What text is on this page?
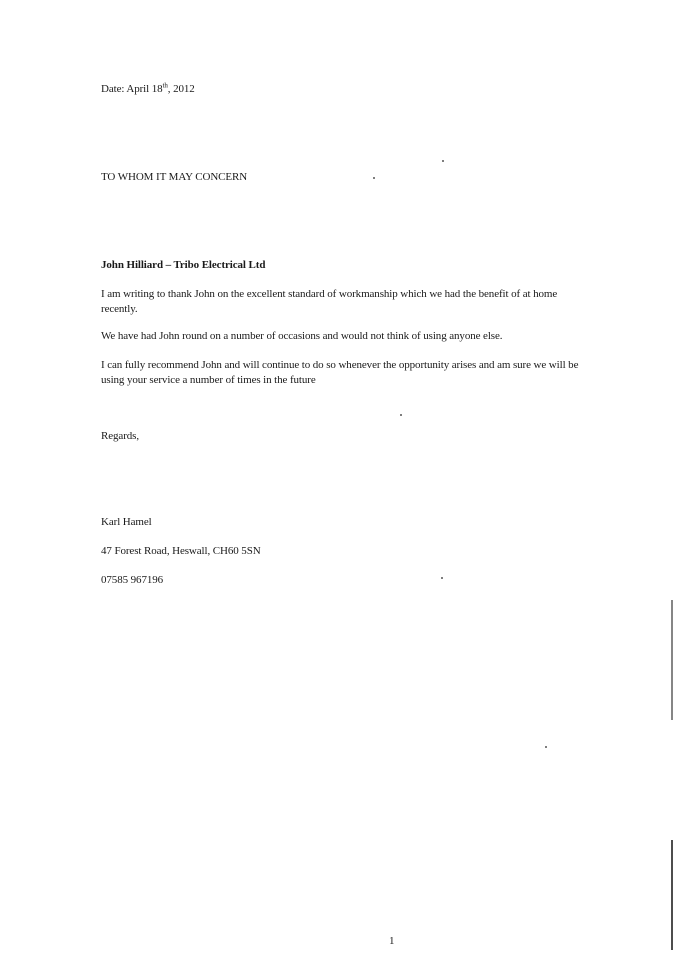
Date: April 18th, 2012
TO WHOM IT MAY CONCERN
John Hilliard – Tribo Electrical Ltd
I am writing to thank John on the excellent standard of workmanship which we had the benefit of at home recently.
We have had John round on a number of occasions and would not think of using anyone else.
I can fully recommend John and will continue to do so whenever the opportunity arises and am sure we will be using your service a number of times in the future
Regards,
Karl Hamel
47 Forest Road, Heswall, CH60 5SN
07585 967196
1
